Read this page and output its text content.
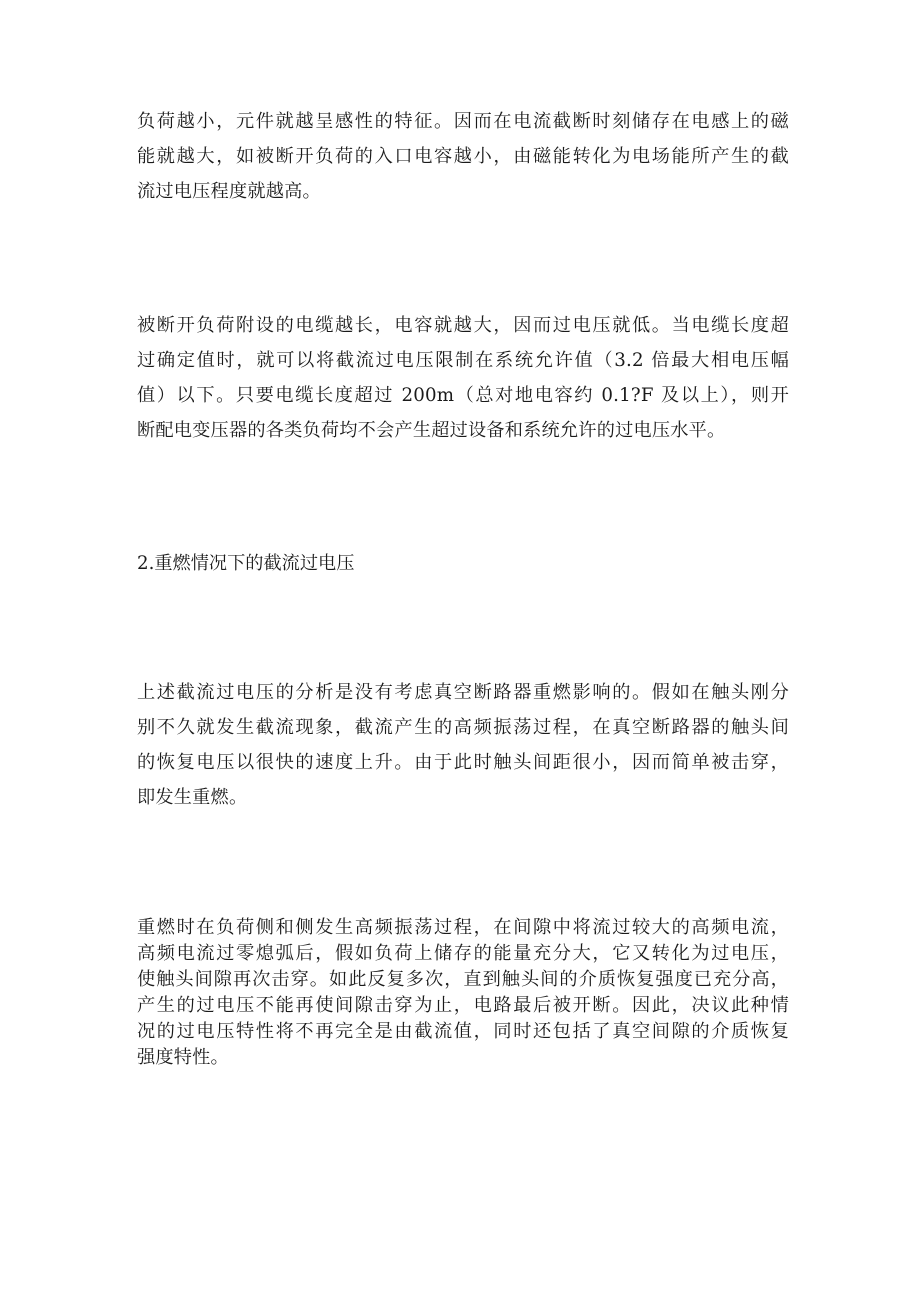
负荷越小，元件就越呈感性的特征。因而在电流截断时刻储存在电感上的磁
能就越大，如被断开负荷的入口电容越小，由磁能转化为电场能所产生的截
流过电压程度就越高。

被断开负荷附设的电缆越长，电容就越大，因而过电压就低。当电缆长度超
过确定值时，就可以将截流过电压限制在系统允许值（3.2 倍最大相电压幅
值）以下。只要电缆长度超过 200m（总对地电容约 0.1?F 及以上），则开
断配电变压器的各类负荷均不会产生超过设备和系统允许的过电压水平。

2.重燃情况下的截流过电压

上述截流过电压的分析是没有考虑真空断路器重燃影响的。假如在触头刚分
别不久就发生截流现象，截流产生的高频振荡过程，在真空断路器的触头间
的恢复电压以很快的速度上升。由于此时触头间距很小，因而简单被击穿，
即发生重燃。

重燃时在负荷侧和侧发生高频振荡过程，在间隙中将流过较大的高频电流，
高频电流过零熄弧后，假如负荷上储存的能量充分大，它又转化为过电压，
使触头间隙再次击穿。如此反复多次，直到触头间的介质恢复强度已充分高，
产生的过电压不能再使间隙击穿为止，电路最后被开断。因此，决议此种情
况的过电压特性将不再完全是由截流值，同时还包括了真空间隙的介质恢复
强度特性。
